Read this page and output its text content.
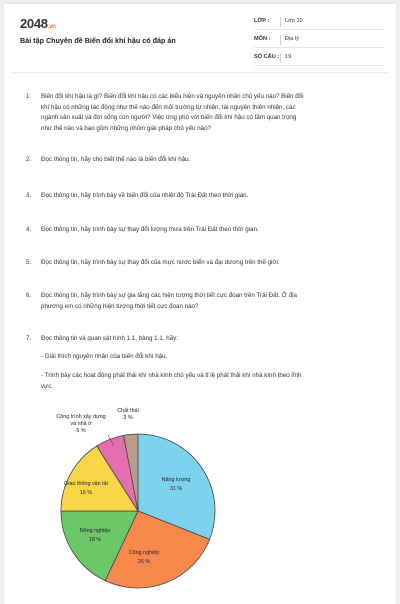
2048.vn
Bài tập Chuyên đề Biến đổi khí hậu có đáp án
LỚP :	Lớp 10
MÔN :	Địa lý
SỐ CÂU : 19
1. Biến đổi khí hậu là gì? Biến đổi khí hậu có các biểu hiện và nguyên nhân chủ yếu nào? Biến đổi
khí hậu có những tác động như thế nào đến môi trường tự nhiên, tài nguyên thiên nhiên, các
ngành sản xuất và đời sống con người? Việc ứng phó với biến đổi khí hậu có tầm quan trọng
như thế nào và bao gồm những nhóm giải pháp chủ yếu nào?
2. Đọc thông tin, hãy cho biết thế nào là biến đổi khí hậu.
3. Đọc thông tin, hãy trình bày về biến đổi của nhiệt độ Trái Đất theo thời gian.
4. Đọc thông tin, hãy trình bày sự thay đổi lượng mưa trên Trái Đất theo thời gian.
5. Đọc thông tin, hãy trình bày sự thay đổi của mực nước biển và đại dương trên thế giới.
6. Đọc thông tin, hãy trình bày sự gia tăng các hiện tượng thời tiết cực đoan trên Trái Đất. Ở địa
phương em có những hiện tượng thời tiết cực đoan nào?
7. Đọc thông tin và quan sát hình 1.1, bảng 1.1, hãy:
- Giải thích nguyên nhân của biến đổi khí hậu.
- Trình bày các hoạt động phát thải khí nhà kính chủ yếu và tỉ lệ phát thải khí nhà kính theo lĩnh
vực.
Năng lượng 31 %
Công nghiệp 26 %
Nông nghiệp 18 %
Giao thông vận tải 16 %
Công trình xây dựng và nhà ở 6 %
Chất thải 3 %
